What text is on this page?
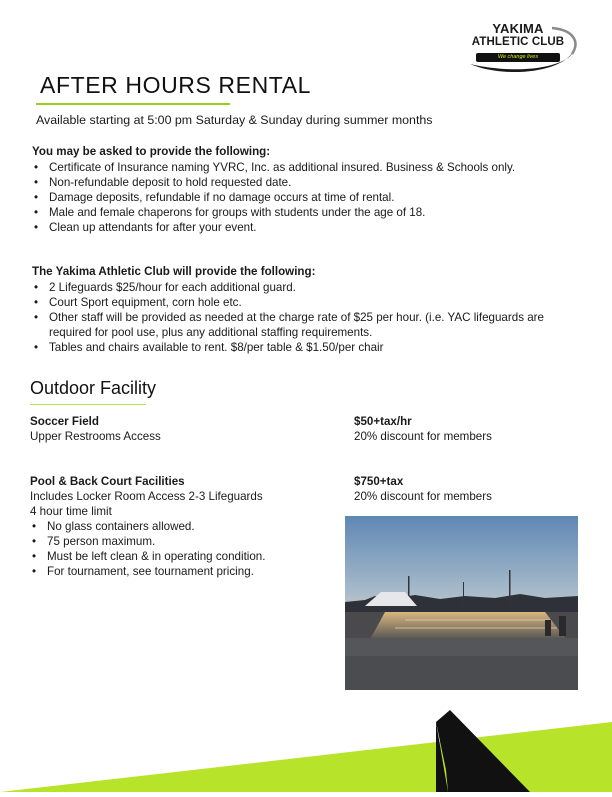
YAKIMA
ATHLETIC CLUB
We change lives
AFTER HOURS RENTAL
Available starting at 5:00 pm Saturday & Sunday during summer months
You may be asked to provide the following:
• Certificate of Insurance naming YVRC, Inc. as additional insured. Business & Schools only.
• Non-refundable deposit to hold requested date.
• Damage deposits, refundable if no damage occurs at time of rental.
• Male and female chaperons for groups with students under the age of 18.
• Clean up attendants for after your event.
The Yakima Athletic Club will provide the following:
• 2 Lifeguards $25/hour for each additional guard.
• Court Sport equipment, corn hole etc.
• Other staff will be provided as needed at the charge rate of $25 per hour. (i.e. YAC lifeguards are required for pool use, plus any additional staffing requirements.
• Tables and chairs available to rent. $8/per table & $1.50/per chair
Outdoor Facility
Soccer Field
Upper Restrooms Access
$50+tax/hr
20% discount for members
Pool & Back Court Facilities
Includes Locker Room Access 2-3 Lifeguards
4 hour time limit
$750+tax
20% discount for members
• No glass containers allowed.
• 75 person maximum.
• Must be left clean & in operating condition.
• For tournament, see tournament pricing.
